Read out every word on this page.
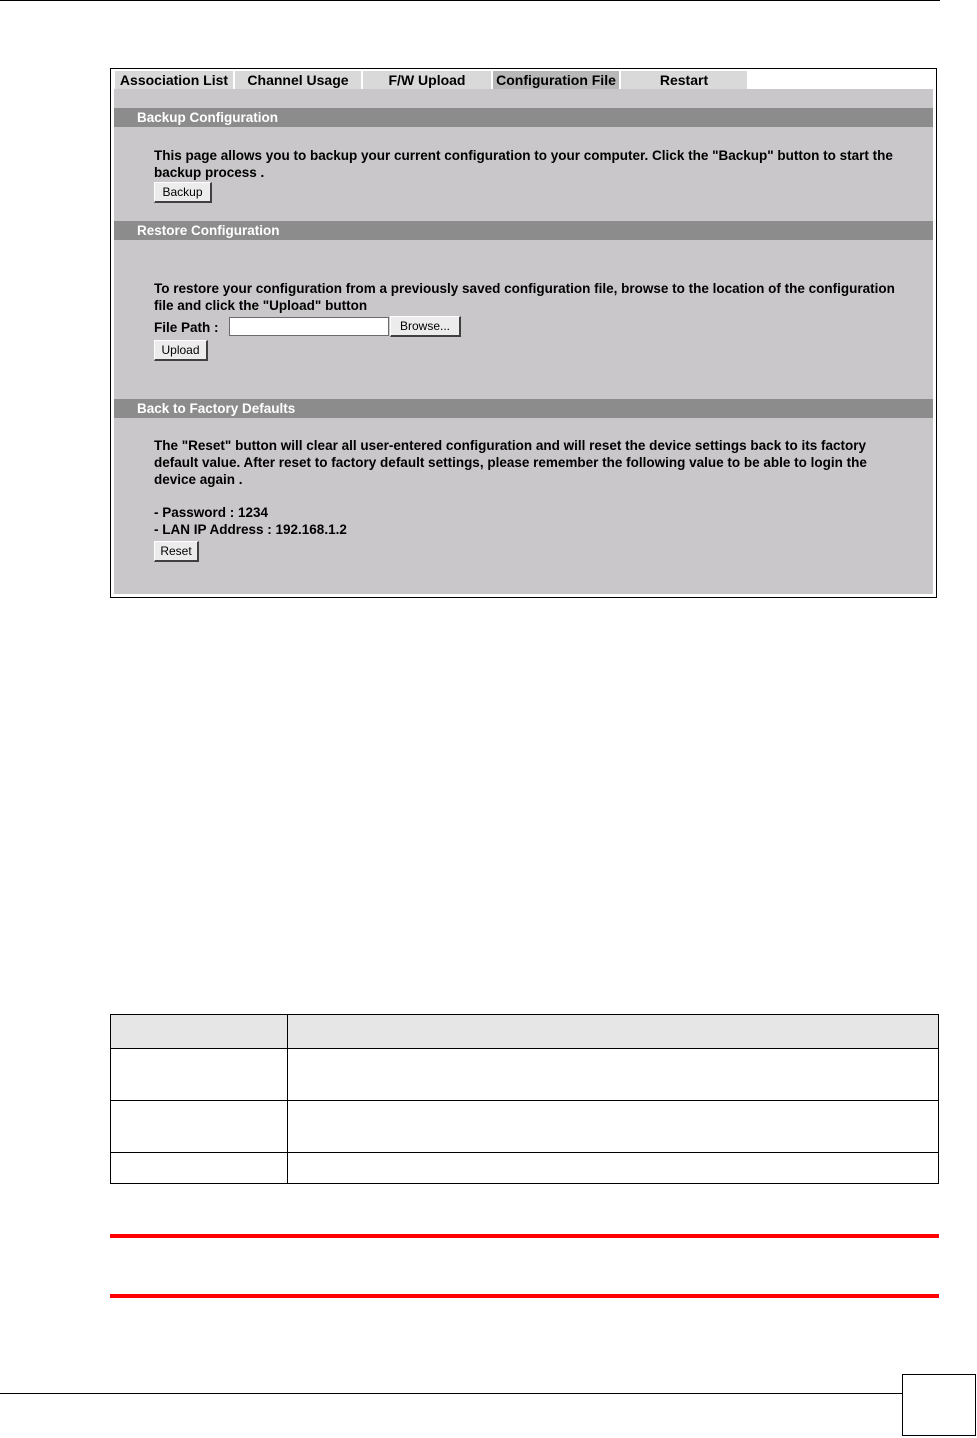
Association List	Channel Usage	F/W Upload	Configuration File	Restart
Backup Configuration
This page allows you to backup your current configuration to your computer. Click the "Backup" button to start the
backup process .
Backup
Restore Configuration
To restore your configuration from a previously saved configuration file, browse to the location of the configuration
file and click the "Upload" button
File Path :	Browse...
Upload
Back to Factory Defaults
The "Reset" button will clear all user-entered configuration and will reset the device settings back to its factory
default value. After reset to factory default settings, please remember the following value to be able to login the
device again .
- Password : 1234
- LAN IP Address : 192.168.1.2
Reset
